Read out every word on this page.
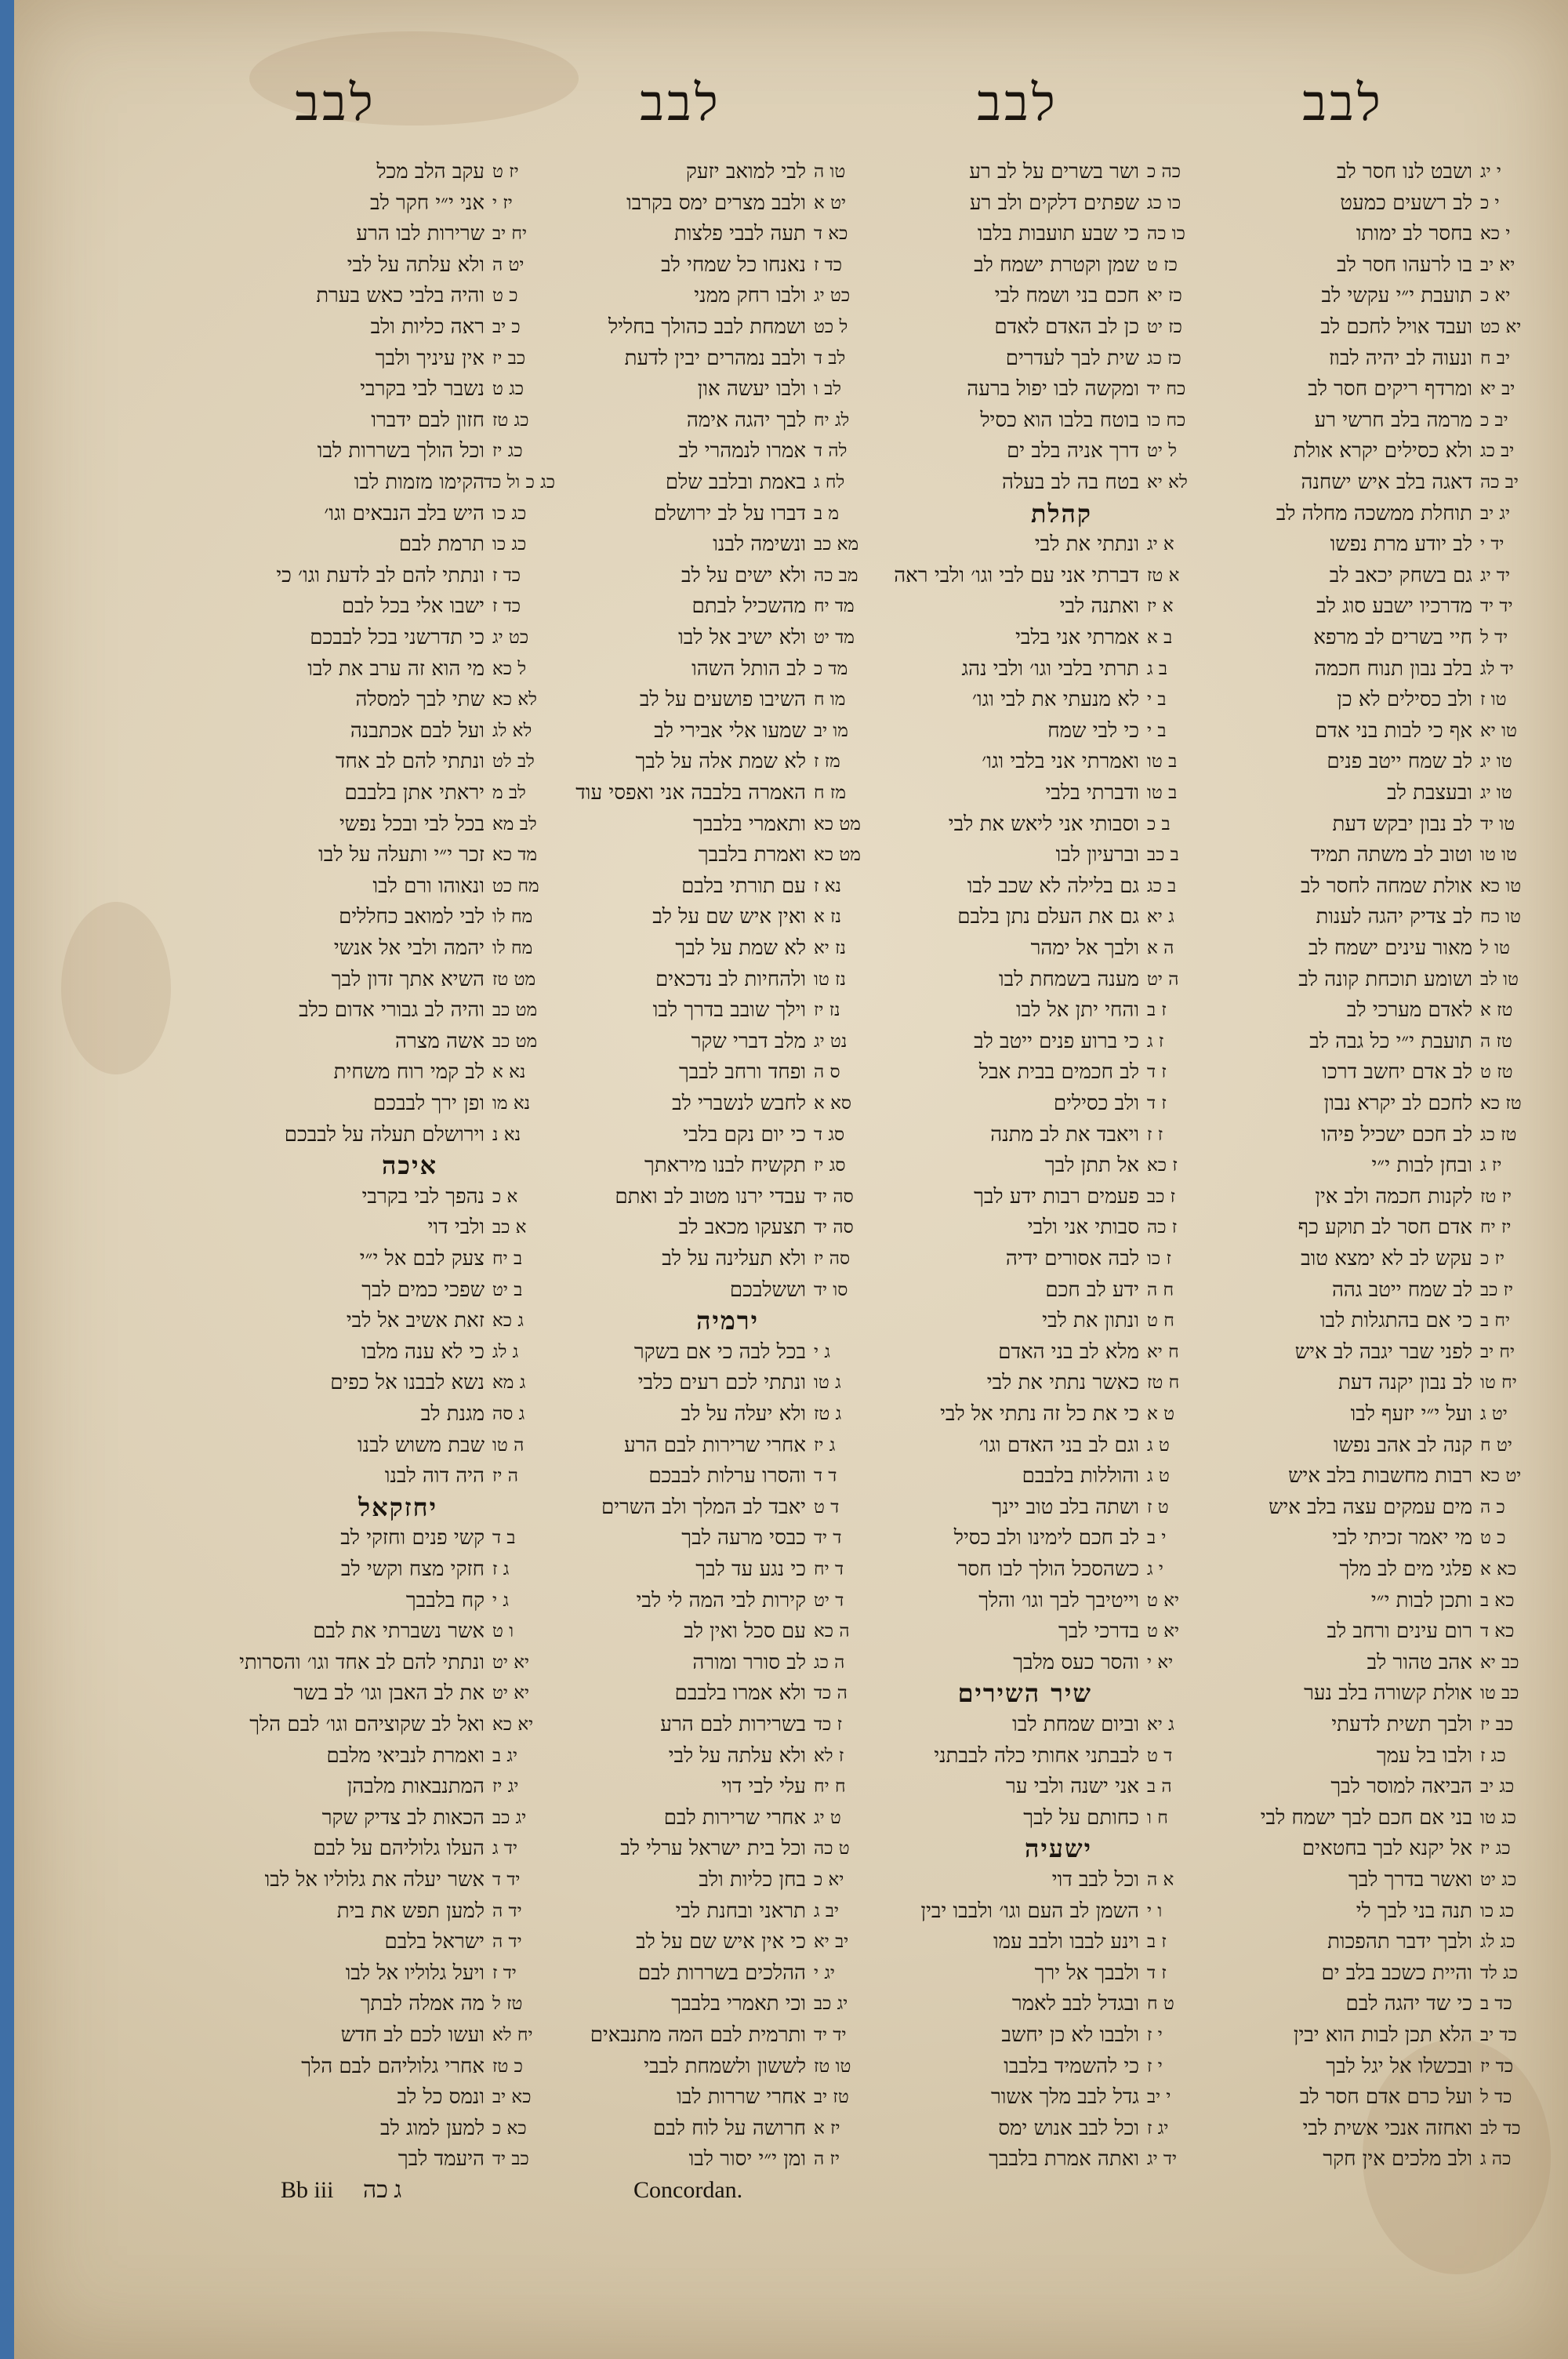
לבב
לבב
לבב
לבב
ושבט לנו חסר לב י יג
לב רשעים כמעט י כ
בחסר לב ימותו י כא
בו לרעהו חסר לב יא יב
תועבת י״י עקשי לב יא כ
ועבד אויל לחכם לב יא כט
ונעוה לב יהיה לבוז יב ח
ומרדף ריקים חסר לב יב יא
מרמה בלב חרשי רע יב כ
ולא כסילים יקרא אולת יב כג
דאגה בלב איש ישחנה יב כה
תוחלת ממשכה מחלה לב יג יב
לב יודע מרת נפשו יד י
גם בשחק יכאב לב יד יג
מדרכיו ישבע סוג לב יד יד
חיי בשרים לב מרפא יד ל
בלב נבון תנוח חכמה יד לג
ולב כסילים לא כן טו ז
אף כי לבות בני אדם טו יא
לב שמח ייטב פנים טו יג
ובעצבת לב טו יג
לב נבון יבקש דעת טו יד
וטוב לב משתה תמיד טו טו
אולת שמחה לחסר לב טו כא
לב צדיק יהגה לענות טו כח
מאור עינים ישמח לב טו ל
ושומע תוכחת קונה לב טו לב
לאדם מערכי לב טז א
תועבת י״י כל גבה לב טז ה
לב אדם יחשב דרכו טז ט
לחכם לב יקרא נבון טז כא
לב חכם ישכיל פיהו טז כג
ובחן לבות י״י יז ג
לקנות חכמה ולב אין יז טז
אדם חסר לב תוקע כף יז יח
עקש לב לא ימצא טוב יז כ
לב שמח ייטב גהה יז כב
כי אם בהתגלות לבו יח ב
לפני שבר יגבה לב איש יח יב
לב נבון יקנה דעת יח טו
ועל י״י יזעף לבו יט ג
קנה לב אהב נפשו יט ח
רבות מחשבות בלב איש יט כא
מים עמקים עצה בלב איש כ ה
מי יאמר זכיתי לבי כ ט
פלגי מים לב מלך כא א
ותכן לבות י״י כא ב
רום עינים ורחב לב כא ד
אהב טהור לב כב יא
אולת קשורה בלב נער כב טו
ולבך תשית לדעתי כב יז
ולבו בל עמך כג ז
הביאה למוסר לבך כג יב
בני אם חכם לבך ישמח לבי כג טו
אל יקנא לבך בחטאים כג יז
ואשר בדרך לבך כג יט
תנה בני לבך לי כג כו
ולבך ידבר תהפכות כג לג
והיית כשכב בלב ים כג לד
כי שד יהגה לבם כד ב
הלא תכן לבות הוא יבין כד יב
ובכשלו אל יגל לבך כד יז
ועל כרם אדם חסר לב כד ל
ואחזה אנכי אשית לבי כד לב
ולב מלכים אין חקר כה ג
ושר בשרים על לב רע כה כ
שפתים דלקים ולב רע כו כג
כי שבע תועבות בלבו כו כה
שמן וקטרת ישמח לב כז ט
חכם בני ושמח לבי כז יא
כן לב האדם לאדם כז יט
שית לבך לעדרים כז כג
ומקשה לבו יפול ברעה כח יד
בוטח בלבו הוא כסיל כח כו
דרך אניה בלב ים ל יט
בטח בה לב בעלה לא יא
קהלת
ונתתי את לבי א יג
דברתי אני עם לבי וגו׳ ולבי ראה א טז
ואתנה לבי א יז
אמרתי אני בלבי ב א
תרתי בלבי וגו׳ ולבי נהג ב ג
לא מנעתי את לבי וגו׳ ב י
כי לבי שמח ב י
ואמרתי אני בלבי וגו׳ ב טו
ודברתי בלבי ב טו
וסבותי אני ליאש את לבי ב כ
וברעיון לבו ב כב
גם בלילה לא שכב לבו ב כג
גם את העלם נתן בלבם ג יא
ולבך אל ימהר ה א
מענה בשמחת לבו ה יט
והחי יתן אל לבו ז ב
כי ברוע פנים ייטב לב ז ג
לב חכמים בבית אבל ז ד
ולב כסילים ז ד
ויאבד את לב מתנה ז ז
אל תתן לבך ז כא
פעמים רבות ידע לבך ז כב
סבותי אני ולבי ז כה
לבה אסורים ידיה ז כו
ידע לב חכם ח ה
ונתון את לבי ח ט
מלא לב בני האדם ח יא
כאשר נתתי את לבי ח טז
כי את כל זה נתתי אל לבי ט א
וגם לב בני האדם וגו׳ ט ג
והוללות בלבבם ט ג
ושתה בלב טוב יינך ט ז
לב חכם לימינו ולב כסיל י ב
כשהסכל הולך לבו חסר י ג
וייטיבך לבך וגו׳ והלך יא ט
בדרכי לבך יא ט
והסר כעס מלבך יא י
שיר השירים
וביום שמחת לבו ג יא
לבבתני אחותי כלה לבבתני ד ט
אני ישנה ולבי ער ה ב
כחותם על לבך ח ו
ישעיה
וכל לבב דוי א ה
השמן לב העם וגו׳ ולבבו יבין ו י
וינע לבבו ולבב עמו ז ב
ולבבך אל ירך ז ד
ובגדל לבב לאמר ט ח
ולבבו לא כן יחשב י ז
כי להשמיד בלבבו י ז
גדל לבב מלך אשור י יב
וכל לבב אנוש ימס יג ז
ואתה אמרת בלבבך יד יג
לבי למואב יזעק טו ה
ולבב מצרים ימס בקרבו יט א
תעה לבבי פלצות כא ד
נאנחו כל שמחי לב כד ז
ולבו רחק ממני כט יג
ושמחת לבב כהולך בחליל ל כט
ולבב נמהרים יבין לדעת לב ד
ולבו יעשה און לב ו
לבך יהגה אימה לג יח
אמרו לנמהרי לב לה ד
באמת ובלבב שלם לח ג
דברו על לב ירושלם מ ב
ונשימה לבנו מא כב
ולא ישים על לב מב כה
מהשכיל לבתם מד יח
ולא ישיב אל לבו מד יט
לב הותל השהו מד כ
השיבו פושעים על לב מו ח
שמעו אלי אבירי לב מו יב
לא שמת אלה על לבך מז ז
האמרה בלבבה אני ואפסי עוד מז ח
ותאמרי בלבבך מט כא
ואמרת בלבבך מט כא
עם תורתי בלבם נא ז
ואין איש שם על לב נז א
לא שמת על לבך נז יא
ולהחיות לב נדכאים נז טו
וילך שובב בדרך לבו נז יז
מלב דברי שקר נט יג
ופחד ורחב לבבך ס ה
לחבש לנשברי לב סא א
כי יום נקם בלבי סג ד
תקשיח לבנו מיראתך סג יז
עבדי ירנו מטוב לב ואתם סה יד
תצעקו מכאב לב סה יד
ולא תעלינה על לב סה יז
וששלבכם סו יד
ירמיה
בכל לבה כי אם בשקר ג י
ונתתי לכם רעים כלבי ג טו
ולא יעלה על לב ג טז
אחרי שרירות לבם הרע ג יז
והסרו ערלות לבבכם ד ד
יאבד לב המלך ולב השרים ד ט
כבסי מרעה לבך ד יד
כי נגע עד לבך ד יח
קירות לבי המה לי לבי ד יט
עם סכל ואין לב ה כא
לב סורר ומורה ה כג
ולא אמרו בלבבם ה כד
בשרירות לבם הרע ז כד
ולא עלתה על לבי ז לא
עלי לבי דוי ח יח
אחרי שרירות לבם ט יג
וכל בית ישראל ערלי לב ט כה
בחן כליות ולב יא כ
תראני ובחנת לבי יב ג
כי אין איש שם על לב יב יא
ההלכים בשררות לבם יג י
וכי תאמרי בלבבך יג כב
ותרמית לבם המה מתנבאים יד יד
לששון ולשמחת לבבי טו טז
אחרי שררות לבו טז יב
חרושה על לוח לבם יז א
ומן י״י יסור לבו יז ה
עקב הלב מכל יז ט
אני י״י חקר לב יז י
שרירות לבו הרע יח יב
ולא עלתה על לבי יט ה
והיה בלבי כאש בערת כ ט
ראה כליות ולב כ יב
אין עיניך ולבך כב יז
נשבר לבי בקרבי כג ט
חזון לבם ידברו כג טז
וכל הולך בשררות לבו כג יז
הקימו מזמות לבו כג כ ול כד
היש בלב הנבאים וגו׳ כג כו
תרמת לבם כג כו
ונתתי להם לב לדעת וגו׳ כי כד ז
ישבו אלי בכל לבם כד ז
כי תדרשני בכל לבבכם כט יג
מי הוא זה ערב את לבו ל כא
שתי לבך למסלה לא כא
ועל לבם אכתבנה לא לג
ונתתי להם לב אחד לב לט
יראתי אתן בלבבם לב מ
בכל לבי ובכל נפשי לב מא
זכר י״י ותעלה על לבו מד כא
ונאוהו ורם לבו מח כט
לבי למואב כחללים מח לו
יהמה ולבי אל אנשי מח לו
השיא אתך זדון לבך מט טז
והיה לב גבורי אדום כלב מט כב
אשה מצרה מט כב
לב קמי רוח משחית נא א
ופן ירך לבבכם נא מו
וירושלם תעלה על לבבכם נא נ
איכה
נהפך לבי בקרבי א כ
ולבי דוי א כב
צעק לבם אל י״י ב יח
שפכי כמים לבך ב יט
זאת אשיב אל לבי ג כא
כי לא ענה מלבו ג לג
נשא לבבנו אל כפים ג מא
מגנת לב ג סה
שבת משוש לבנו ה טו
היה דוה לבנו ה יז
יחזקאל
קשי פנים וחזקי לב ב ד
חזקי מצח וקשי לב ג ז
קח בלבבך ג י
אשר נשברתי את לבם ו ט
ונתתי להם לב אחד וגו׳ והסרותי יא יט
את לב האבן וגו׳ לב בשר יא יט
ואל לב שקוציהם וגו׳ לבם הלך יא כא
ואמרת לנביאי מלבם יג ב
המתנבאות מלבהן יג יז
הכאות לב צדיק שקר יג כב
העלו גלוליהם על לבם יד ג
אשר יעלה את גלוליו אל לבו יד ד
למען תפש את בית יד ה
ישראל בלבם יד ה
ויעל גלוליו אל לבו יד ז
מה אמלה לבתך טז ל
ועשו לכם לב חדש יח לא
אחרי גלוליהם לבם הלך כ טז
ונמס כל לב כא יב
למען למוג לב כא כ
היעמד לבך כב יד
Bb iii ג כה	Concordan.
